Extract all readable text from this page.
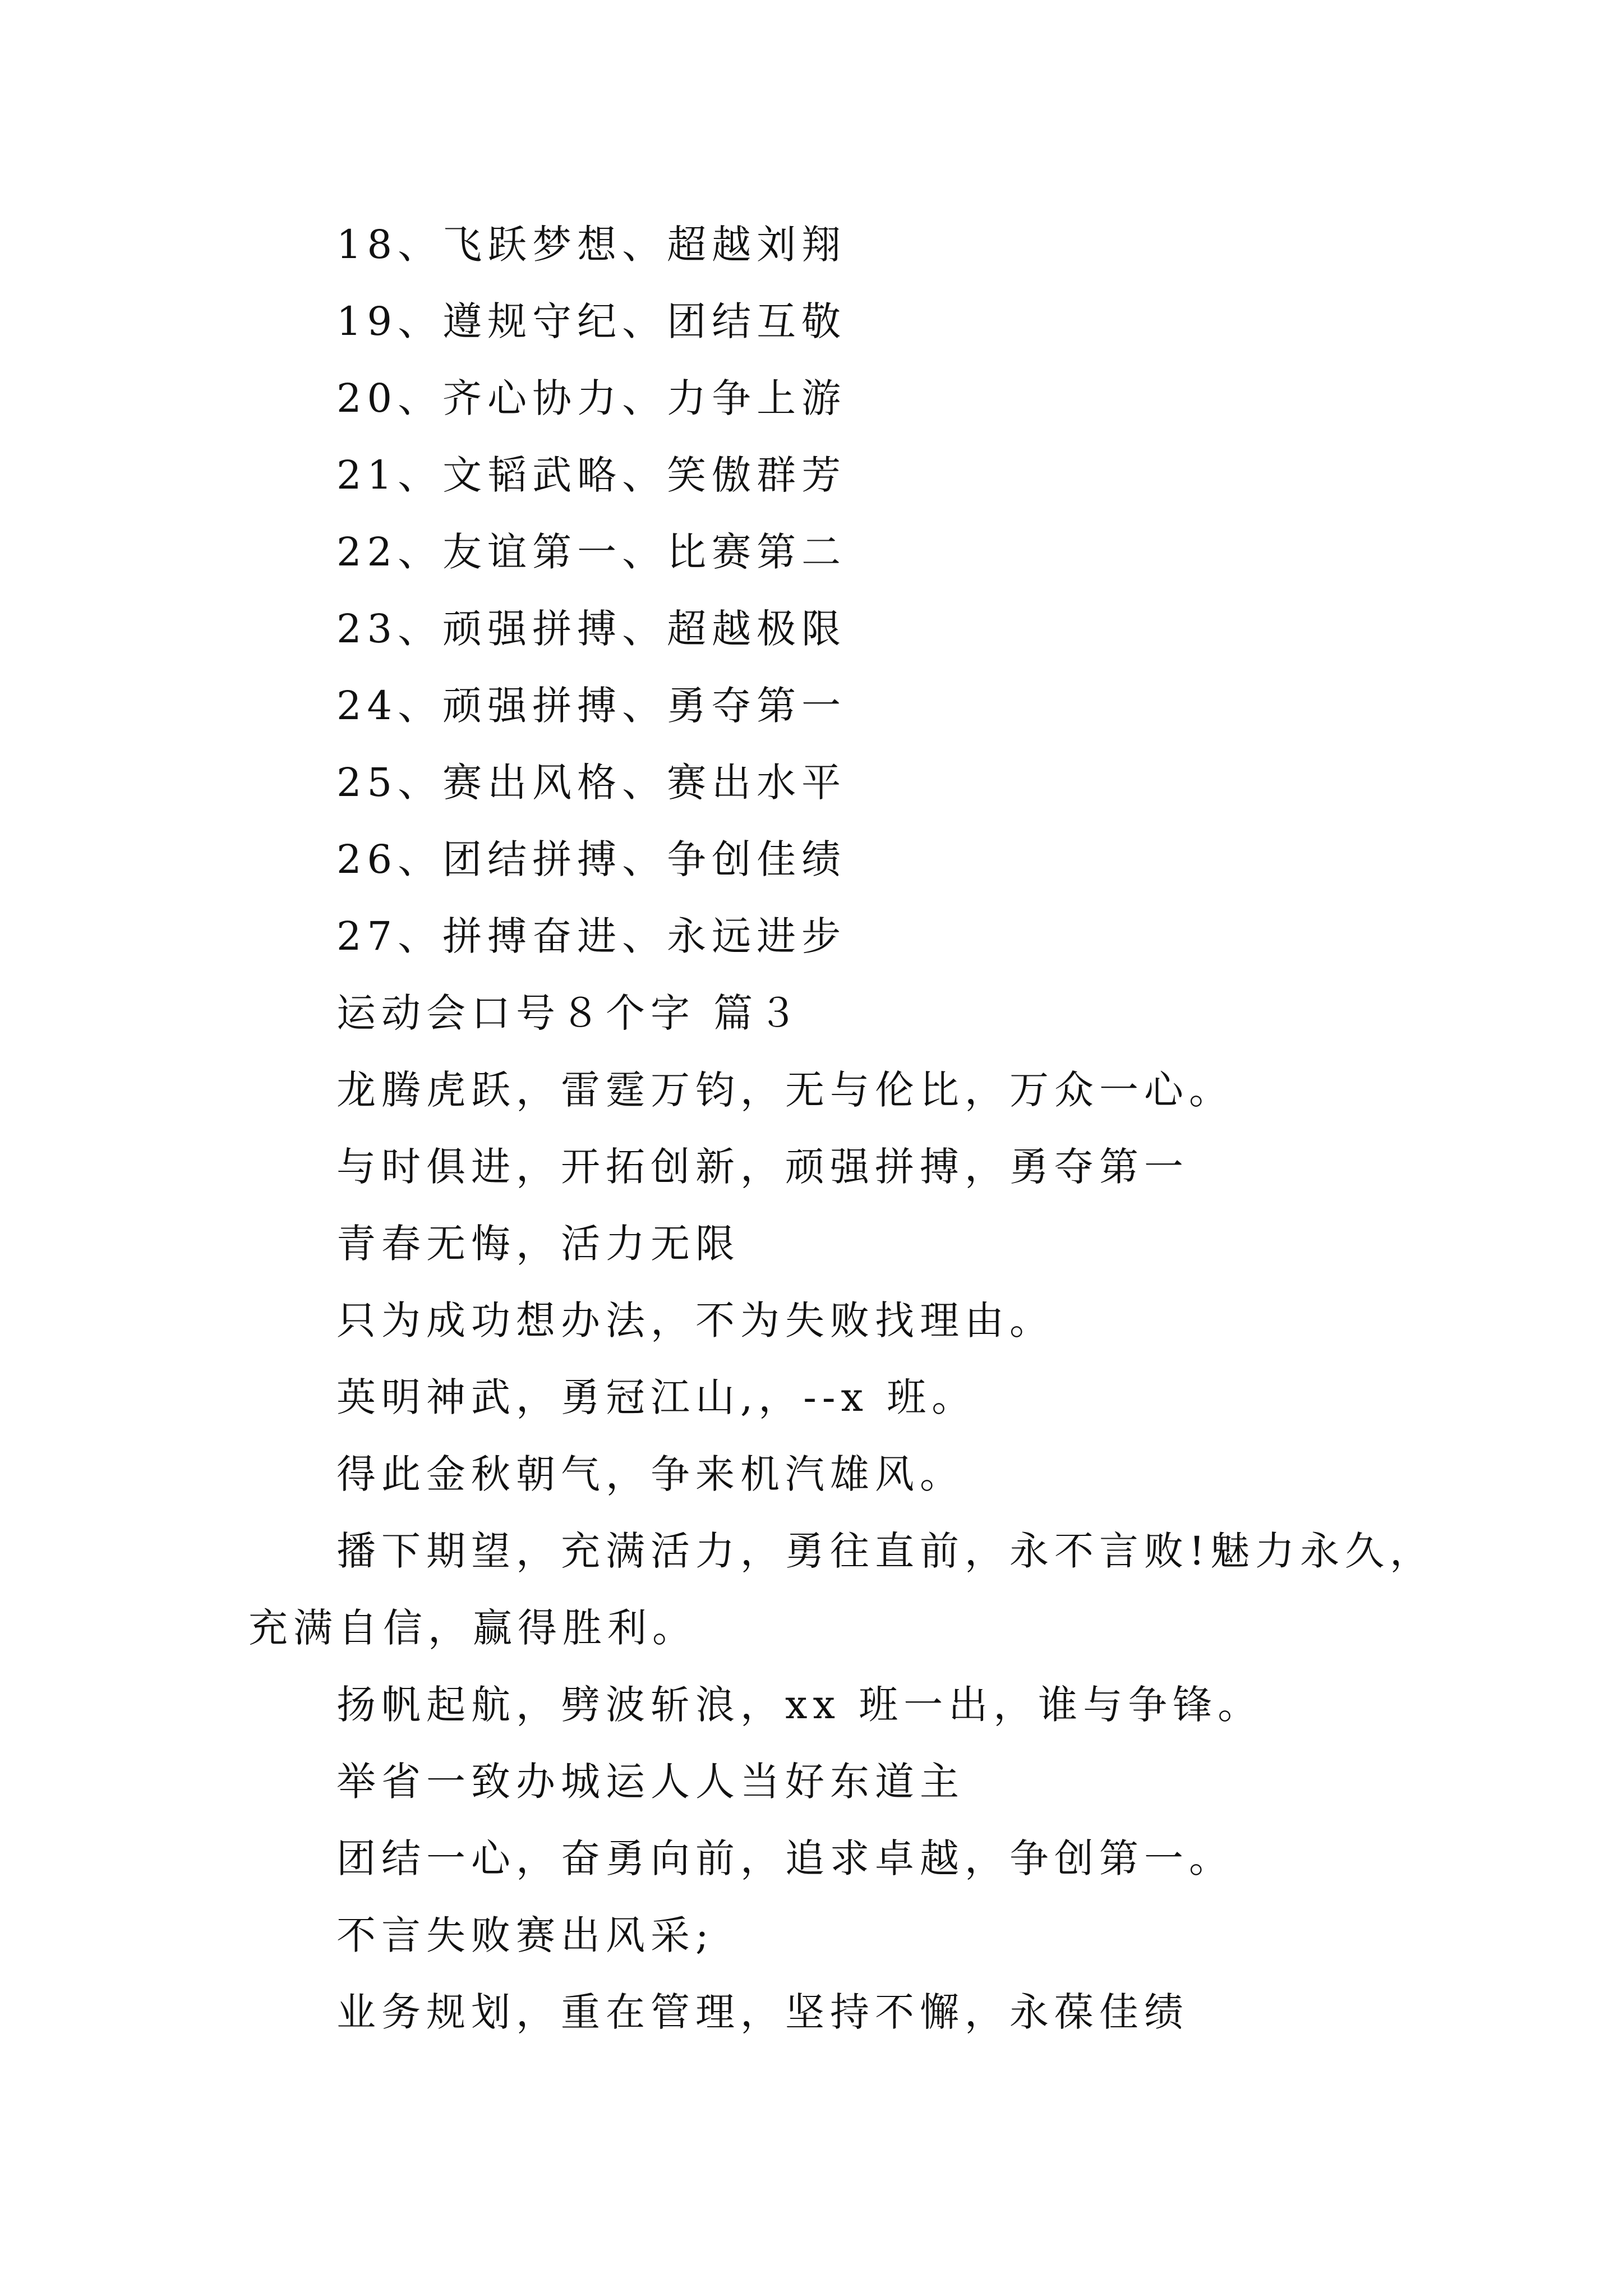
18、飞跃梦想、超越刘翔
19、遵规守纪、团结互敬
20、齐心协力、力争上游
21、文韬武略、笑傲群芳
22、友谊第一、比赛第二
23、顽强拼搏、超越极限
24、顽强拼搏、勇夺第一
25、赛出风格、赛出水平
26、团结拼搏、争创佳绩
27、拼搏奋进、永远进步
运动会口号８个字 篇３
龙腾虎跃，雷霆万钧，无与伦比，万众一心。
与时俱进，开拓创新，顽强拼搏，勇夺第一
青春无悔，活力无限
只为成功想办法，不为失败找理由。
英明神武，勇冠江山,，--x 班。
得此金秋朝气，争来机汽雄风。
播下期望，充满活力，勇往直前，永不言败!魅力永久，充满自信，赢得胜利。
扬帆起航，劈波斩浪，xx 班一出，谁与争锋。
举省一致办城运人人当好东道主
团结一心，奋勇向前，追求卓越，争创第一。
不言失败赛出风采;
业务规划，重在管理，坚持不懈，永葆佳绩
